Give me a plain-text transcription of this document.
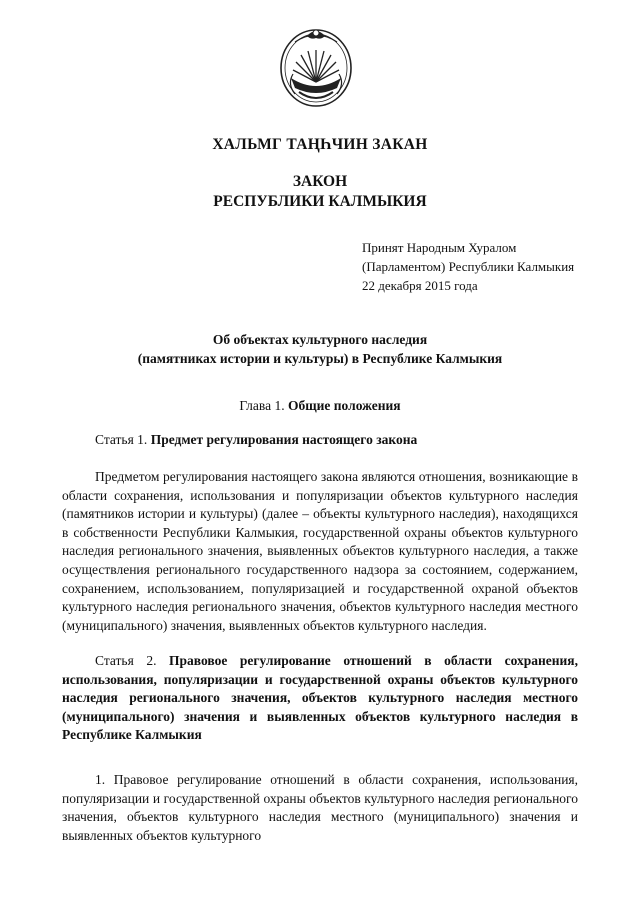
ХАЛЬМГ ТАҢҺЧИН ЗАКАН
ЗАКОН
РЕСПУБЛИКИ КАЛМЫКИЯ
Принят Народным Хуралом
(Парламентом) Республики Калмыкия
22 декабря 2015 года
Об объектах культурного наследия
(памятниках истории и культуры) в Республике Калмыкия
Глава 1. Общие положения
Статья 1. Предмет регулирования настоящего закона

Предметом регулирования настоящего закона являются отношения, возникающие в области сохранения, использования и популяризации объектов культурного наследия (памятников истории и культуры) (далее – объекты культурного наследия), находящихся в собственности Республики Калмыкия, государственной охраны объектов культурного наследия регионального значения, выявленных объектов культурного наследия, а также осуществления регионального государственного надзора за состоянием, содержанием, сохранением, использованием, популяризацией и государственной охраной объектов культурного наследия регионального значения, объектов культурного наследия местного (муниципального) значения, выявленных объектов культурного наследия.

Статья 2. Правовое регулирование отношений в области сохранения, использования, популяризации и государственной охраны объектов культурного наследия регионального значения, объектов культурного наследия местного (муниципального) значения и выявленных объектов культурного наследия в Республике Калмыкия

1. Правовое регулирование отношений в области сохранения, использования, популяризации и государственной охраны объектов культурного наследия регионального значения, объектов культурного наследия местного (муниципального) значения и выявленных объектов культурного
